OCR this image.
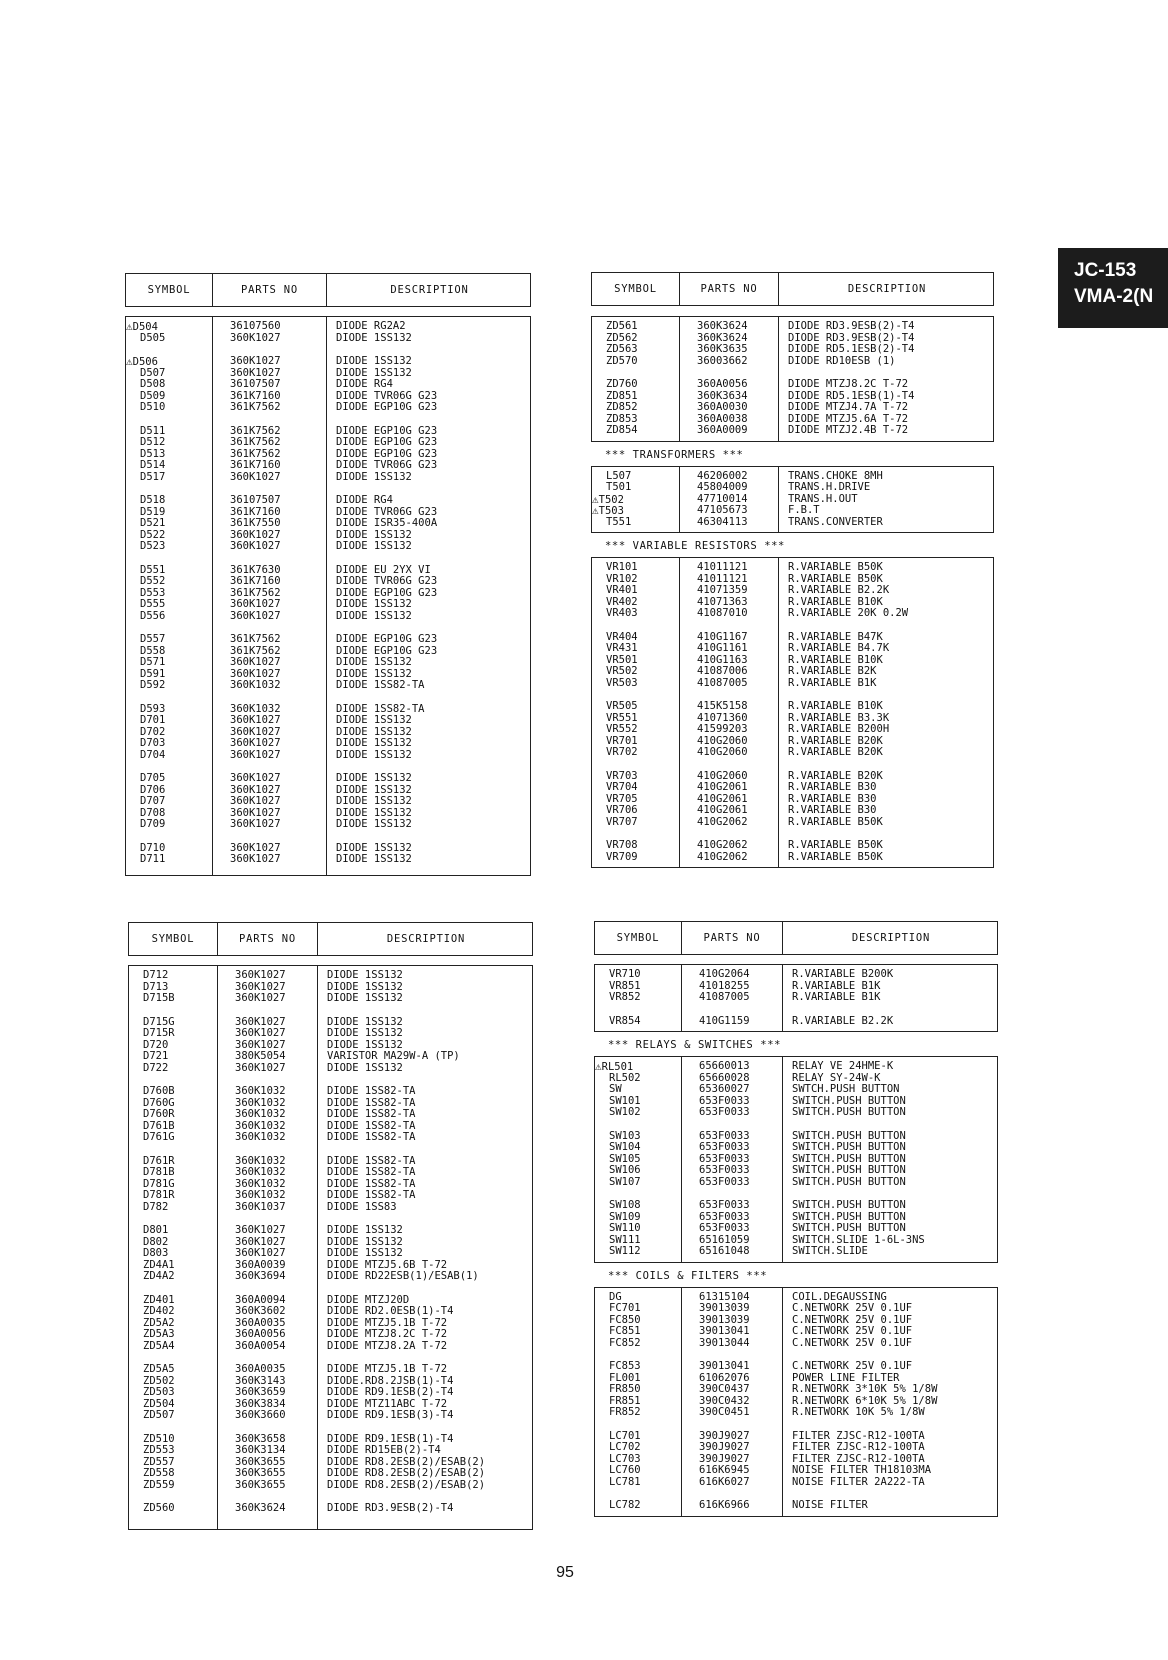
JC-153
VMA-2(N
SYMBOL	PARTS NO	DESCRIPTION
⚠D504	36107560	DIODE RG2A2
D505	360K1027	DIODE 1SS132
⚠D506	360K1027	DIODE 1SS132
D507	360K1027	DIODE 1SS132
D508	36107507	DIODE RG4
D509	361K7160	DIODE TVR06G G23
D510	361K7562	DIODE EGP10G G23
D511	361K7562	DIODE EGP10G G23
D512	361K7562	DIODE EGP10G G23
D513	361K7562	DIODE EGP10G G23
D514	361K7160	DIODE TVR06G G23
D517	360K1027	DIODE 1SS132
D518	36107507	DIODE RG4
D519	361K7160	DIODE TVR06G G23
D521	361K7550	DIODE ISR35-400A
D522	360K1027	DIODE 1SS132
D523	360K1027	DIODE 1SS132
D551	361K7630	DIODE EU 2YX VI
D552	361K7160	DIODE TVR06G G23
D553	361K7562	DIODE EGP10G G23
D555	360K1027	DIODE 1SS132
D556	360K1027	DIODE 1SS132
D557	361K7562	DIODE EGP10G G23
D558	361K7562	DIODE EGP10G G23
D571	360K1027	DIODE 1SS132
D591	360K1027	DIODE 1SS132
D592	360K1032	DIODE 1SS82-TA
D593	360K1032	DIODE 1SS82-TA
D701	360K1027	DIODE 1SS132
D702	360K1027	DIODE 1SS132
D703	360K1027	DIODE 1SS132
D704	360K1027	DIODE 1SS132
D705	360K1027	DIODE 1SS132
D706	360K1027	DIODE 1SS132
D707	360K1027	DIODE 1SS132
D708	360K1027	DIODE 1SS132
D709	360K1027	DIODE 1SS132
D710	360K1027	DIODE 1SS132
D711	360K1027	DIODE 1SS132
SYMBOL	PARTS NO	DESCRIPTION
ZD561	360K3624	DIODE RD3.9ESB(2)-T4
ZD562	360K3624	DIODE RD3.9ESB(2)-T4
ZD563	360K3635	DIODE RD5.1ESB(2)-T4
ZD570	36003662	DIODE RD10ESB (1)
ZD760	360A0056	DIODE MTZJ8.2C T-72
ZD851	360K3634	DIODE RD5.1ESB(1)-T4
ZD852	360A0030	DIODE MTZJ4.7A T-72
ZD853	360A0038	DIODE MTZJ5.6A T-72
ZD854	360A0009	DIODE MTZJ2.4B T-72
*** TRANSFORMERS ***
L507	46206002	TRANS.CHOKE 8MH
T501	45804009	TRANS.H.DRIVE
⚠T502	47710014	TRANS.H.OUT
⚠T503	47105673	F.B.T
T551	46304113	TRANS.CONVERTER
*** VARIABLE RESISTORS ***
VR101	41011121	R.VARIABLE B50K
VR102	41011121	R.VARIABLE B50K
VR401	41071359	R.VARIABLE B2.2K
VR402	41071363	R.VARIABLE B10K
VR403	41087010	R.VARIABLE 20K 0.2W
VR404	410G1167	R.VARIABLE B47K
VR431	410G1161	R.VARIABLE B4.7K
VR501	410G1163	R.VARIABLE B10K
VR502	41087006	R.VARIABLE B2K
VR503	41087005	R.VARIABLE B1K
VR505	415K5158	R.VARIABLE B10K
VR551	41071360	R.VARIABLE B3.3K
VR552	41599203	R.VARIABLE B200H
VR701	410G2060	R.VARIABLE B20K
VR702	410G2060	R.VARIABLE B20K
VR703	410G2060	R.VARIABLE B20K
VR704	410G2061	R.VARIABLE B30
VR705	410G2061	R.VARIABLE B30
VR706	410G2061	R.VARIABLE B30
VR707	410G2062	R.VARIABLE B50K
VR708	410G2062	R.VARIABLE B50K
VR709	410G2062	R.VARIABLE B50K
SYMBOL	PARTS NO	DESCRIPTION
D712	360K1027	DIODE 1SS132
D713	360K1027	DIODE 1SS132
D715B	360K1027	DIODE 1SS132
D715G	360K1027	DIODE 1SS132
D715R	360K1027	DIODE 1SS132
D720	360K1027	DIODE 1SS132
D721	380K5054	VARISTOR MA29W-A (TP)
D722	360K1027	DIODE 1SS132
D760B	360K1032	DIODE 1SS82-TA
D760G	360K1032	DIODE 1SS82-TA
D760R	360K1032	DIODE 1SS82-TA
D761B	360K1032	DIODE 1SS82-TA
D761G	360K1032	DIODE 1SS82-TA
D761R	360K1032	DIODE 1SS82-TA
D781B	360K1032	DIODE 1SS82-TA
D781G	360K1032	DIODE 1SS82-TA
D781R	360K1032	DIODE 1SS82-TA
D782	360K1037	DIODE 1SS83
D801	360K1027	DIODE 1SS132
D802	360K1027	DIODE 1SS132
D803	360K1027	DIODE 1SS132
ZD4A1	360A0039	DIODE MTZJ5.6B T-72
ZD4A2	360K3694	DIODE RD22ESB(1)/ESAB(1)
ZD401	360A0094	DIODE MTZJ20D
ZD402	360K3602	DIODE RD2.0ESB(1)-T4
ZD5A2	360A0035	DIODE MTZJ5.1B T-72
ZD5A3	360A0056	DIODE MTZJ8.2C T-72
ZD5A4	360A0054	DIODE MTZJ8.2A T-72
ZD5A5	360A0035	DIODE MTZJ5.1B T-72
ZD502	360K3143	DIODE.RD8.2JSB(1)-T4
ZD503	360K3659	DIODE RD9.1ESB(2)-T4
ZD504	360K3834	DIODE MTZ11ABC T-72
ZD507	360K3660	DIODE RD9.1ESB(3)-T4
ZD510	360K3658	DIODE RD9.1ESB(1)-T4
ZD553	360K3134	DIODE RD15EB(2)-T4
ZD557	360K3655	DIODE RD8.2ESB(2)/ESAB(2)
ZD558	360K3655	DIODE RD8.2ESB(2)/ESAB(2)
ZD559	360K3655	DIODE RD8.2ESB(2)/ESAB(2)
ZD560	360K3624	DIODE RD3.9ESB(2)-T4
SYMBOL	PARTS NO	DESCRIPTION
VR710	410G2064	R.VARIABLE B200K
VR851	41018255	R.VARIABLE B1K
VR852	41087005	R.VARIABLE B1K
VR854	410G1159	R.VARIABLE B2.2K
*** RELAYS & SWITCHES ***
⚠RL501	65660013	RELAY VE 24HME-K
RL502	65660028	RELAY SY-24W-K
SW	65360027	SWTCH.PUSH BUTTON
SW101	653F0033	SWITCH.PUSH BUTTON
SW102	653F0033	SWITCH.PUSH BUTTON
SW103	653F0033	SWITCH.PUSH BUTTON
SW104	653F0033	SWITCH.PUSH BUTTON
SW105	653F0033	SWITCH.PUSH BUTTON
SW106	653F0033	SWITCH.PUSH BUTTON
SW107	653F0033	SWITCH.PUSH BUTTON
SW108	653F0033	SWITCH.PUSH BUTTON
SW109	653F0033	SWITCH.PUSH BUTTON
SW110	653F0033	SWITCH.PUSH BUTTON
SW111	65161059	SWITCH.SLIDE 1-6L-3NS
SW112	65161048	SWITCH.SLIDE
*** COILS & FILTERS ***
DG	61315104	COIL.DEGAUSSING
FC701	39013039	C.NETWORK 25V 0.1UF
FC850	39013039	C.NETWORK 25V 0.1UF
FC851	39013041	C.NETWORK 25V 0.1UF
FC852	39013044	C.NETWORK 25V 0.1UF
FC853	39013041	C.NETWORK 25V 0.1UF
FL001	61062076	POWER LINE FILTER
FR850	390C0437	R.NETWORK 3*10K 5% 1/8W
FR851	390C0432	R.NETWORK 6*10K 5% 1/8W
FR852	390C0451	R.NETWORK 10K 5% 1/8W
LC701	390J9027	FILTER ZJSC-R12-100TA
LC702	390J9027	FILTER ZJSC-R12-100TA
LC703	390J9027	FILTER ZJSC-R12-100TA
LC760	616K6945	NOISE FILTER TH18103MA
LC781	616K6027	NOISE FILTER 2A222-TA
LC782	616K6966	NOISE FILTER
95
